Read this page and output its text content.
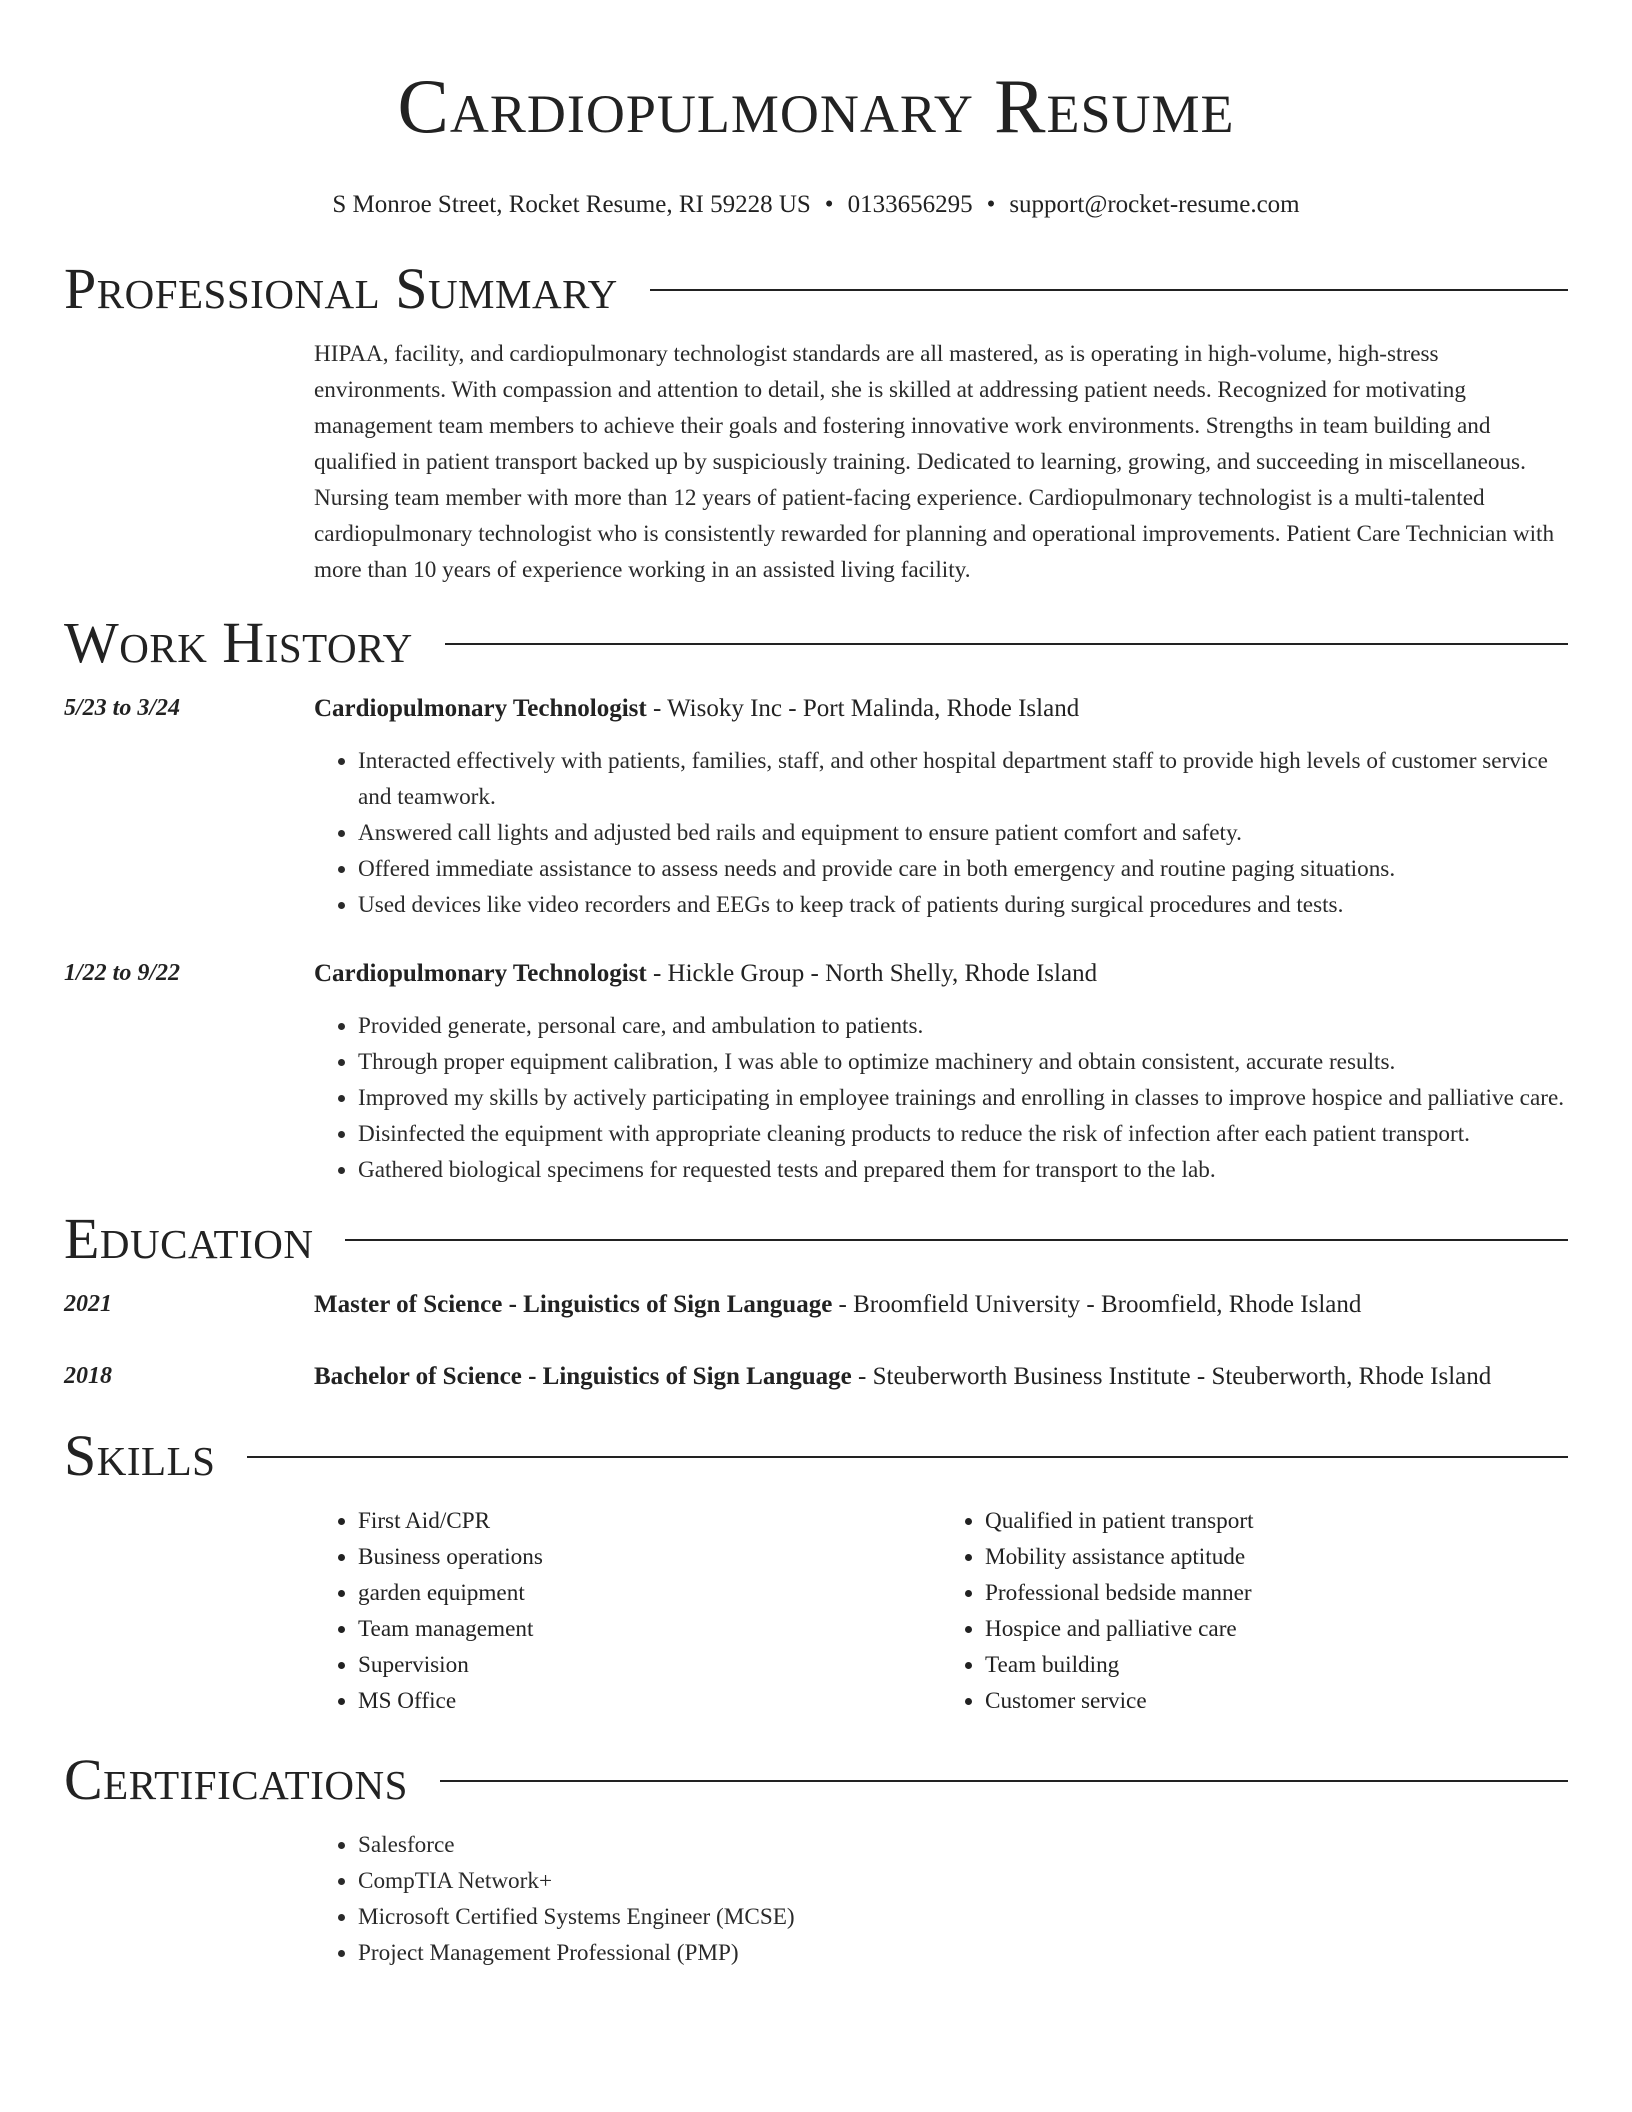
Cardiopulmonary Resume
S Monroe Street, Rocket Resume, RI 59228 US • 0133656295 • support@rocket-resume.com
Professional Summary
HIPAA, facility, and cardiopulmonary technologist standards are all mastered, as is operating in high-volume, high-stress environments. With compassion and attention to detail, she is skilled at addressing patient needs. Recognized for motivating management team members to achieve their goals and fostering innovative work environments. Strengths in team building and qualified in patient transport backed up by suspiciously training. Dedicated to learning, growing, and succeeding in miscellaneous. Nursing team member with more than 12 years of patient-facing experience. Cardiopulmonary technologist is a multi-talented cardiopulmonary technologist who is consistently rewarded for planning and operational improvements. Patient Care Technician with more than 10 years of experience working in an assisted living facility.
Work History
5/23 to 3/24	Cardiopulmonary Technologist - Wisoky Inc - Port Malinda, Rhode Island
• Interacted effectively with patients, families, staff, and other hospital department staff to provide high levels of customer service and teamwork.
• Answered call lights and adjusted bed rails and equipment to ensure patient comfort and safety.
• Offered immediate assistance to assess needs and provide care in both emergency and routine paging situations.
• Used devices like video recorders and EEGs to keep track of patients during surgical procedures and tests.
1/22 to 9/22	Cardiopulmonary Technologist - Hickle Group - North Shelly, Rhode Island
• Provided generate, personal care, and ambulation to patients.
• Through proper equipment calibration, I was able to optimize machinery and obtain consistent, accurate results.
• Improved my skills by actively participating in employee trainings and enrolling in classes to improve hospice and palliative care.
• Disinfected the equipment with appropriate cleaning products to reduce the risk of infection after each patient transport.
• Gathered biological specimens for requested tests and prepared them for transport to the lab.
Education
2021	Master of Science - Linguistics of Sign Language - Broomfield University - Broomfield, Rhode Island
2018	Bachelor of Science - Linguistics of Sign Language - Steuberworth Business Institute - Steuberworth, Rhode Island
Skills
• First Aid/CPR
• Business operations
• garden equipment
• Team management
• Supervision
• MS Office
• Qualified in patient transport
• Mobility assistance aptitude
• Professional bedside manner
• Hospice and palliative care
• Team building
• Customer service
Certifications
• Salesforce
• CompTIA Network+
• Microsoft Certified Systems Engineer (MCSE)
• Project Management Professional (PMP)
